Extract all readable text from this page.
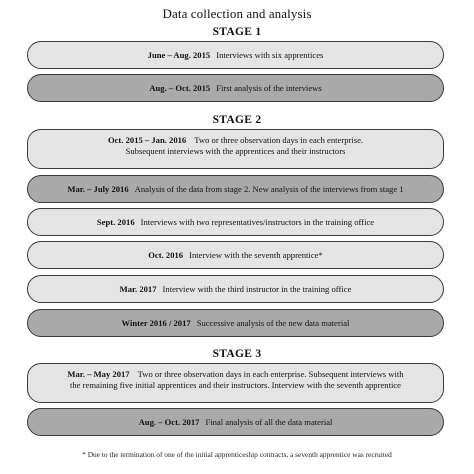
Data collection and analysis
STAGE 1
June – Aug. 2015 Interviews with six apprentices
Aug. – Oct. 2015 First analysis of the interviews
STAGE 2
Oct. 2015 – Jan. 2016 Two or three observation days in each enterprise.
Subsequent interviews with the apprentices and their instructors
Mar. – July 2016 Analysis of the data from stage 2. New analysis of the interviews from stage 1
Sept. 2016 Interviews with two representatives/instructors in the training office
Oct. 2016 Interview with the seventh apprentice*
Mar. 2017 Interview with the third instructor in the training office
Winter 2016 / 2017 Successive analysis of the new data material
STAGE 3
Mar. – May 2017 Two or three observation days in each enterprise. Subsequent interviews with
the remaining five initial apprentices and their instructors. Interview with the seventh apprentice
Aug. – Oct. 2017 Final analysis of all the data material
* Due to the termination of one of the initial apprenticeship contracts, a seventh apprentice was recruited
